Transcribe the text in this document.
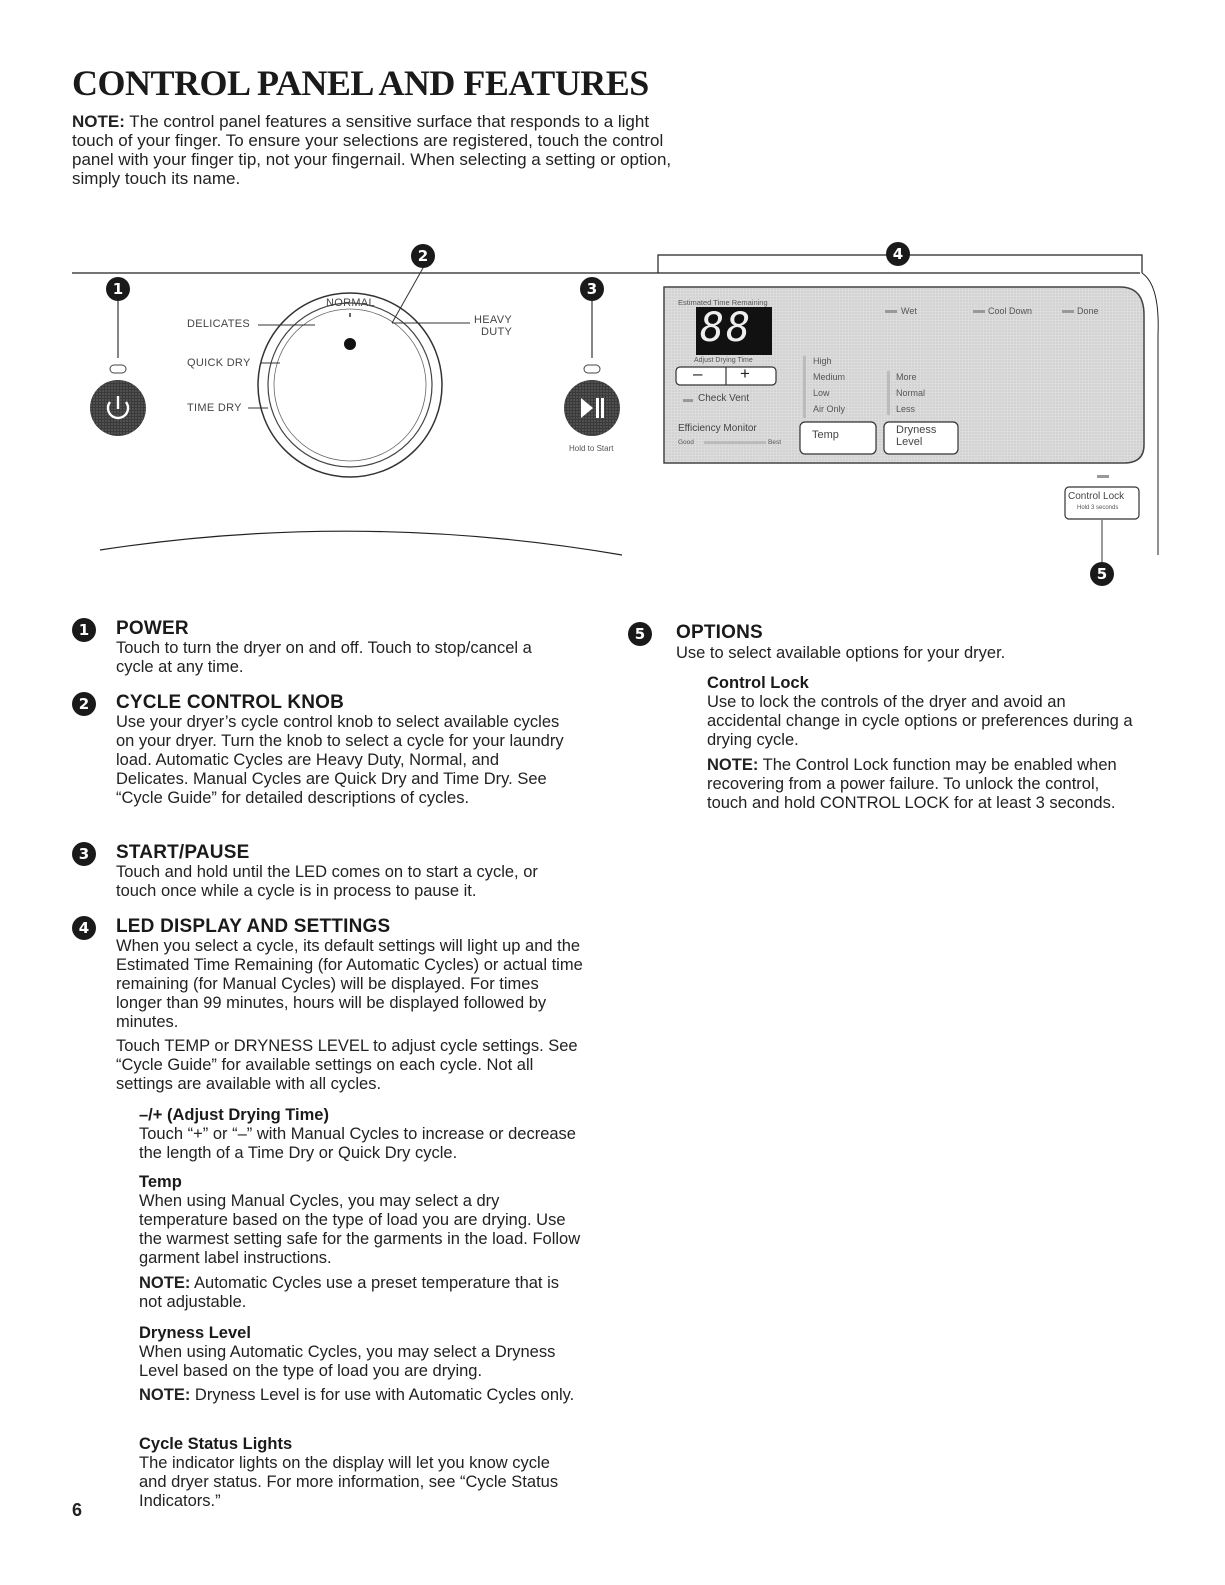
CONTROL PANEL AND FEATURES
NOTE: The control panel features a sensitive surface that responds to a light touch of your finger. To ensure your selections are registered, touch the control panel with your finger tip, not your fingernail. When selecting a setting or option, simply touch its name.
1
2
3
4
5
NORMAL
DELICATES	HEAVY
DUTY
QUICK DRY
TIME DRY
Hold to Start
Estimated Time Remaining
88
Adjust Drying Time
– +
Check Vent
Efficiency Monitor
Good	Best
Wet	Cool Down	Done
High
Medium
Low
Air Only
More
Normal
Less
Temp	Dryness
Level
Control Lock
Hold 3 seconds
1	POWER
Touch to turn the dryer on and off. Touch to stop/cancel a cycle at any time.
2	CYCLE CONTROL KNOB
Use your dryer’s cycle control knob to select available cycles on your dryer. Turn the knob to select a cycle for your laundry load. Automatic Cycles are Heavy Duty, Normal, and Delicates. Manual Cycles are Quick Dry and Time Dry. See “Cycle Guide” for detailed descriptions of cycles.
3	START/PAUSE
Touch and hold until the LED comes on to start a cycle, or touch once while a cycle is in process to pause it.
4	LED DISPLAY AND SETTINGS
When you select a cycle, its default settings will light up and the Estimated Time Remaining (for Automatic Cycles) or actual time remaining (for Manual Cycles) will be displayed. For times longer than 99 minutes, hours will be displayed followed by minutes.
Touch TEMP or DRYNESS LEVEL to adjust cycle settings. See “Cycle Guide” for available settings on each cycle. Not all settings are available with all cycles.
–/+ (Adjust Drying Time)
Touch “+” or “–” with Manual Cycles to increase or decrease the length of a Time Dry or Quick Dry cycle.
Temp
When using Manual Cycles, you may select a dry temperature based on the type of load you are drying. Use the warmest setting safe for the garments in the load. Follow garment label instructions.
NOTE: Automatic Cycles use a preset temperature that is not adjustable.
Dryness Level
When using Automatic Cycles, you may select a Dryness Level based on the type of load you are drying.
NOTE: Dryness Level is for use with Automatic Cycles only.
Cycle Status Lights
The indicator lights on the display will let you know cycle and dryer status. For more information, see “Cycle Status Indicators.”
5	OPTIONS
Use to select available options for your dryer.
Control Lock
Use to lock the controls of the dryer and avoid an accidental change in cycle options or preferences during a drying cycle.
NOTE: The Control Lock function may be enabled when recovering from a power failure. To unlock the control, touch and hold CONTROL LOCK for at least 3 seconds.
6
